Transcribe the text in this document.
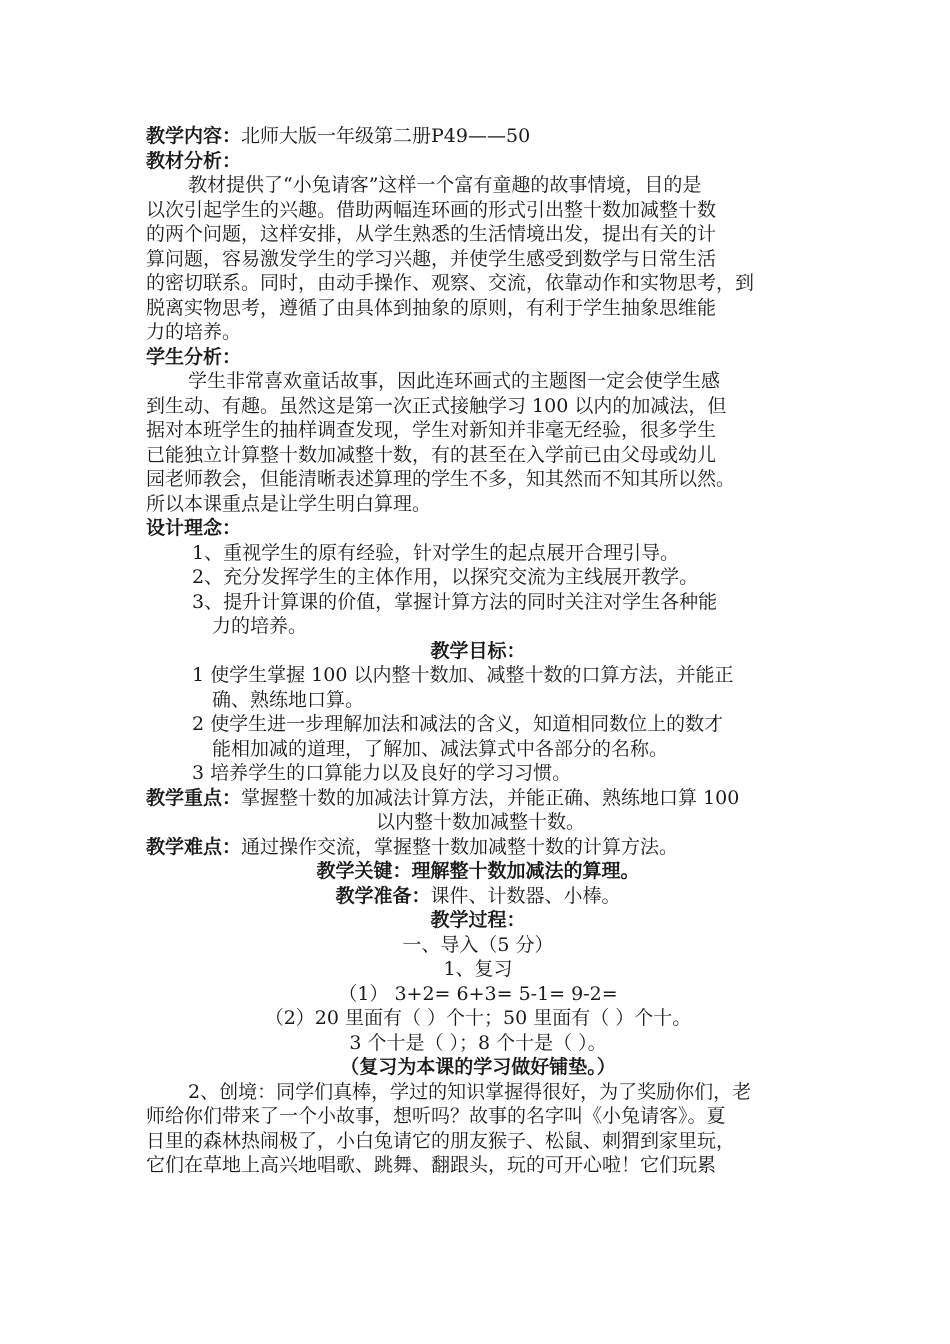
教学内容：北师大版一年级第二册P49——50
教材分析：
教材提供了“小兔请客”这样一个富有童趣的故事情境，目的是
以次引起学生的兴趣。借助两幅连环画的形式引出整十数加减整十数
的两个问题，这样安排，从学生熟悉的生活情境出发，提出有关的计
算问题，容易激发学生的学习兴趣，并使学生感受到数学与日常生活
的密切联系。同时，由动手操作、观察、交流，依靠动作和实物思考，到
脱离实物思考，遵循了由具体到抽象的原则，有利于学生抽象思维能
力的培养。
学生分析：
学生非常喜欢童话故事，因此连环画式的主题图一定会使学生感
到生动、有趣。虽然这是第一次正式接触学习 100 以内的加减法，但
据对本班学生的抽样调查发现，学生对新知并非毫无经验，很多学生
已能独立计算整十数加减整十数，有的甚至在入学前已由父母或幼儿
园老师教会，但能清晰表述算理的学生不多，知其然而不知其所以然。
所以本课重点是让学生明白算理。
设计理念：
1、重视学生的原有经验，针对学生的起点展开合理引导。
2、充分发挥学生的主体作用，以探究交流为主线展开教学。
3、提升计算课的价值，掌握计算方法的同时关注对学生各种能
力的培养。
教学目标：
1 使学生掌握 100 以内整十数加、减整十数的口算方法，并能正
确、熟练地口算。
2 使学生进一步理解加法和减法的含义，知道相同数位上的数才
能相加减的道理，了解加、减法算式中各部分的名称。
3 培养学生的口算能力以及良好的学习习惯。
教学重点：掌握整十数的加减法计算方法，并能正确、熟练地口算 100
以内整十数加减整十数。
教学难点：通过操作交流，掌握整十数加减整十数的计算方法。
教学关键：理解整十数加减法的算理。
教学准备：课件、计数器、小棒。
教学过程：
一、导入（5 分）
1、复习
（1） 3+2= 6+3= 5-1= 9-2=
（2）20 里面有（ ）个十；50 里面有（ ）个十。
3 个十是（ ）；8 个十是（ ）。
（复习为本课的学习做好铺垫。）
2、创境：同学们真棒，学过的知识掌握得很好，为了奖励你们，老
师给你们带来了一个小故事，想听吗？故事的名字叫《小兔请客》。夏
日里的森林热闹极了，小白兔请它的朋友猴子、松鼠、刺猬到家里玩，
它们在草地上高兴地唱歌、跳舞、翻跟头，玩的可开心啦！它们玩累
